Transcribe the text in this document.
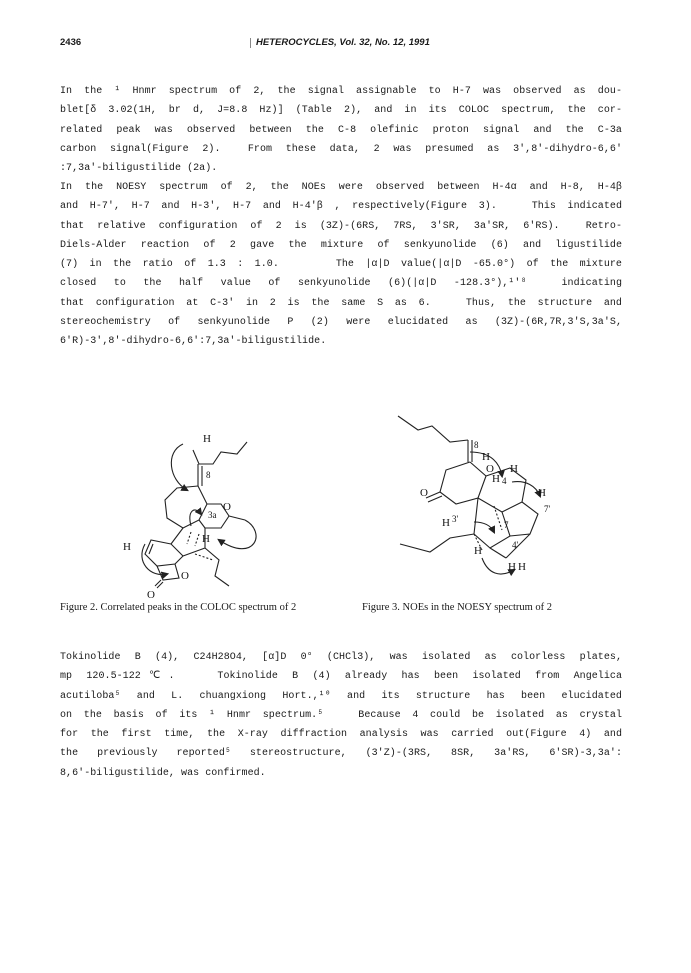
2436	HETEROCYCLES, Vol. 32, No. 12, 1991
In the ¹ Hnmr spectrum of 2, the signal assignable to H-7 was observed as dou-
blet[δ 3.02(1H, br d, J=8.8 Hz)] (Table 2), and in its COLOC spectrum, the cor-
related peak was observed between the C-8 olefinic proton signal and the C-3a
carbon signal(Figure 2).  From these data, 2 was presumed as 3',8'-dihydro-6,6'
:7,3a'-biligustilide (2a).
In the NOESY spectrum of 2, the NOEs were observed between H-4α and H-8, H-4β
and H-7', H-7 and H-3', H-7 and H-4'β , respectively(Figure 3).   This indicated
that relative configuration of 2 is (3Z)-(6RS, 7RS, 3'SR, 3a'SR, 6'RS).  Retro-
Diels-Alder reaction of 2 gave the mixture of senkyunolide (6) and ligustilide
(7) in the ratio of 1.3 : 1.0.     The |α|D value(|α|D -65.0°) of the mixture
closed to the half value of senkyunolide (6)(|α|D -128.3°),¹'⁸  indicating
that configuration at C-3' in 2 is the same S as 6.   Thus, the structure and
stereochemistry of senkyunolide P (2) were elucidated as (3Z)-(6R,7R,3'S,3a'S,
6'R)-3',8'-dihydro-6,6':7,3a'-biligustilide.
H
8
3a
O
H
H
O
O
8
H
H
O
H 4
H
7'
O
H 3'
7
H	4'
H H
Figure 2. Correlated peaks in the COLOC spectrum of 2	Figure 3. NOEs in the NOESY spectrum of 2
Tokinolide B (4), C24H28O4, [α]D 0° (CHCl3), was isolated as colorless plates,
mp 120.5-122℃.   Tokinolide B (4) already has been isolated from Angelica
acutiloba⁵ and L. chuangxiong Hort.,¹⁰ and its structure has been elucidated
on the basis of its ¹ Hnmr spectrum.⁵   Because 4 could be isolated as crystal
for the first time, the X-ray diffraction analysis was carried out(Figure 4) and
the previously reported⁵ stereostructure, (3'Z)-(3RS, 8SR, 3a'RS, 6'SR)-3,3a':
8,6'-biligustilide, was confirmed.
